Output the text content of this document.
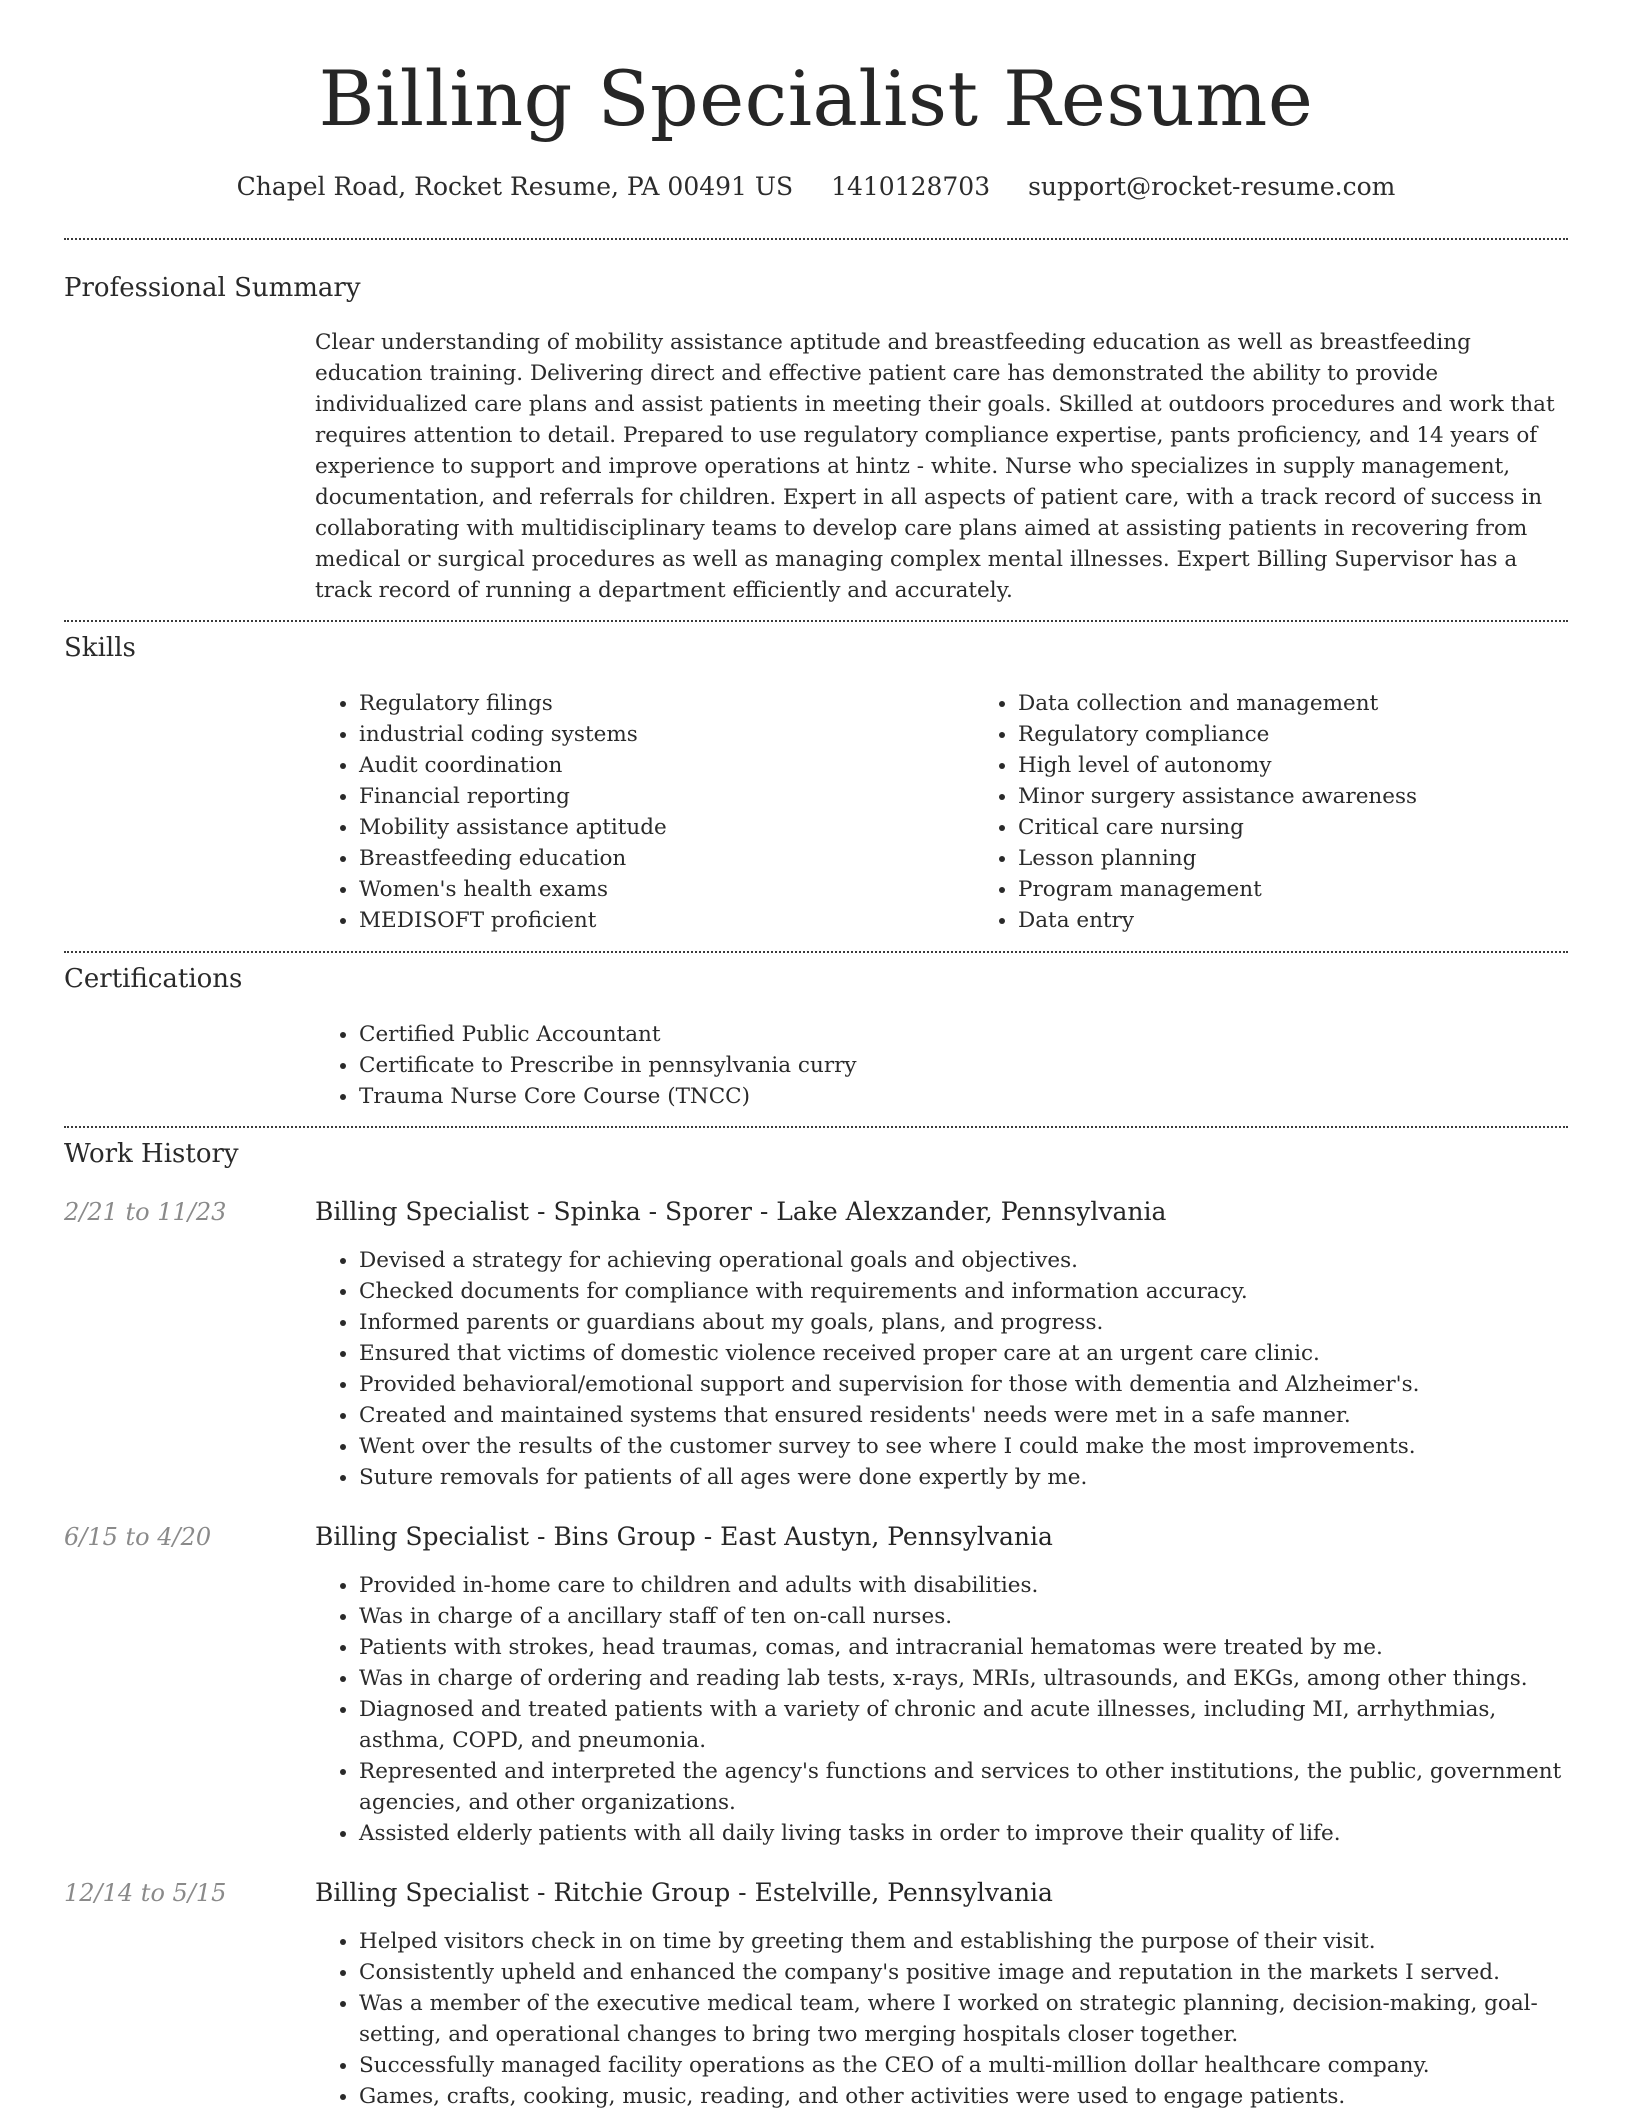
Billing Specialist Resume
Chapel Road, Rocket Resume, PA 00491 US 1410128703 support@rocket-resume.com
Professional Summary

Clear understanding of mobility assistance aptitude and breastfeeding education as well as breastfeeding education training. Delivering direct and effective patient care has demonstrated the ability to provide individualized care plans and assist patients in meeting their goals. Skilled at outdoors procedures and work that requires attention to detail. Prepared to use regulatory compliance expertise, pants proficiency, and 14 years of experience to support and improve operations at hintz - white. Nurse who specializes in supply management, documentation, and referrals for children. Expert in all aspects of patient care, with a track record of success in collaborating with multidisciplinary teams to develop care plans aimed at assisting patients in recovering from medical or surgical procedures as well as managing complex mental illnesses. Expert Billing Supervisor has a track record of running a department efficiently and accurately.

Skills
• Regulatory filings
• industrial coding systems
• Audit coordination
• Financial reporting
• Mobility assistance aptitude
• Breastfeeding education
• Women's health exams
• MEDISOFT proficient
• Data collection and management
• Regulatory compliance
• High level of autonomy
• Minor surgery assistance awareness
• Critical care nursing
• Lesson planning
• Program management
• Data entry
Certifications
• Certified Public Accountant
• Certificate to Prescribe in pennsylvania curry
• Trauma Nurse Core Course (TNCC)
Work History
2/21 to 11/23	Billing Specialist - Spinka - Sporer - Lake Alexzander, Pennsylvania
• Devised a strategy for achieving operational goals and objectives.
• Checked documents for compliance with requirements and information accuracy.
• Informed parents or guardians about my goals, plans, and progress.
• Ensured that victims of domestic violence received proper care at an urgent care clinic.
• Provided behavioral/emotional support and supervision for those with dementia and Alzheimer's.
• Created and maintained systems that ensured residents' needs were met in a safe manner.
• Went over the results of the customer survey to see where I could make the most improvements.
• Suture removals for patients of all ages were done expertly by me.
6/15 to 4/20	Billing Specialist - Bins Group - East Austyn, Pennsylvania
• Provided in-home care to children and adults with disabilities.
• Was in charge of a ancillary staff of ten on-call nurses.
• Patients with strokes, head traumas, comas, and intracranial hematomas were treated by me.
• Was in charge of ordering and reading lab tests, x-rays, MRIs, ultrasounds, and EKGs, among other things.
• Diagnosed and treated patients with a variety of chronic and acute illnesses, including MI, arrhythmias, asthma, COPD, and pneumonia.
• Represented and interpreted the agency's functions and services to other institutions, the public, government agencies, and other organizations.
• Assisted elderly patients with all daily living tasks in order to improve their quality of life.
12/14 to 5/15	Billing Specialist - Ritchie Group - Estelville, Pennsylvania
• Helped visitors check in on time by greeting them and establishing the purpose of their visit.
• Consistently upheld and enhanced the company's positive image and reputation in the markets I served.
• Was a member of the executive medical team, where I worked on strategic planning, decision-making, goal-setting, and operational changes to bring two merging hospitals closer together.
• Successfully managed facility operations as the CEO of a multi-million dollar healthcare company.
• Games, crafts, cooking, music, reading, and other activities were used to engage patients.
